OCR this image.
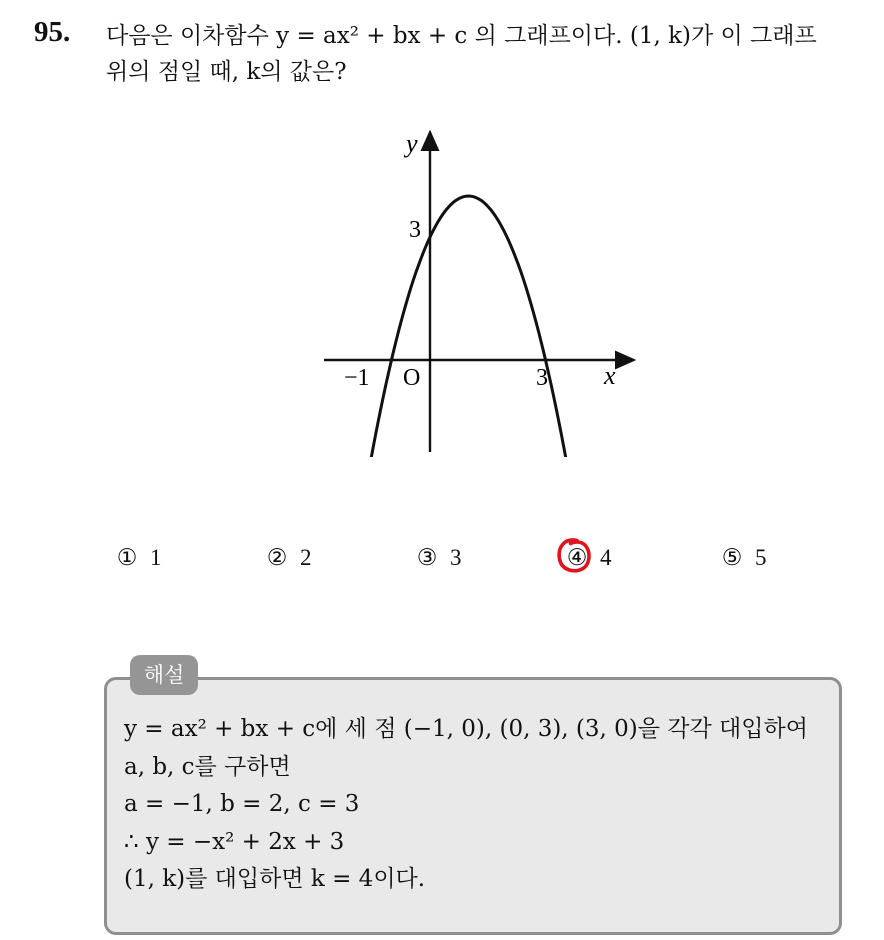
95. 다음은 이차함수 y = ax² + bx + c 의 그래프이다. (1, k)가 이 그래프
위의 점일 때, k의 값은?
y
x
O
3
−1	3
① 1	② 2	③ 3	④ 4	⑤ 5
해설
y = ax² + bx + c에 세 점 (−1, 0), (0, 3), (3, 0)을 각각 대입하여
a, b, c를 구하면
a = −1, b = 2, c = 3
∴ y = −x² + 2x + 3
(1, k)를 대입하면 k = 4이다.
